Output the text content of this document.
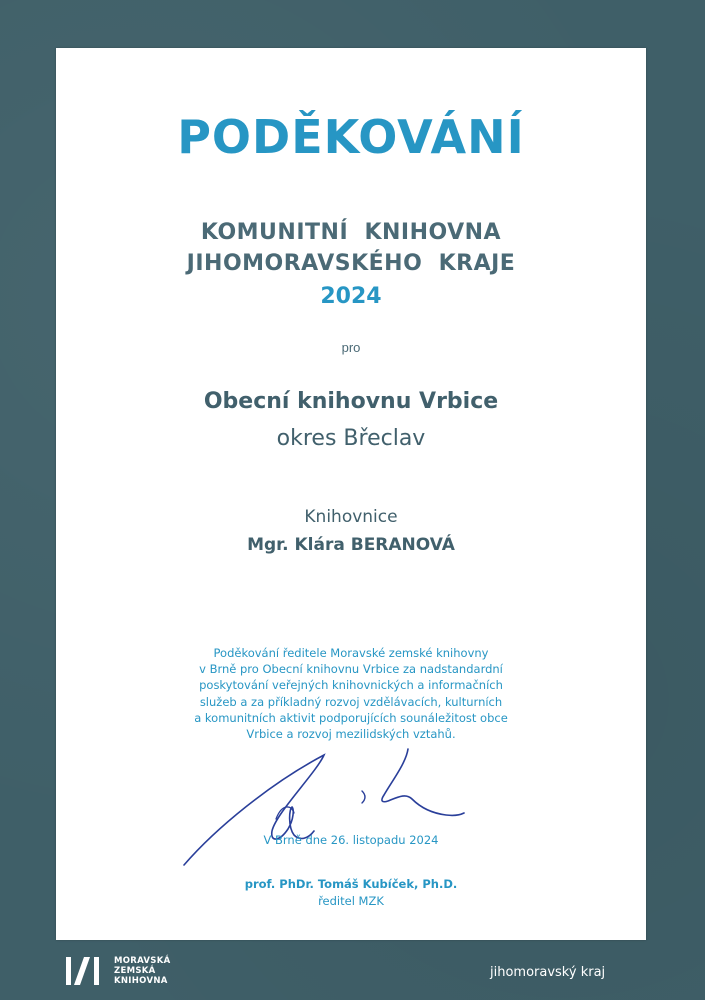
PODĚKOVÁNÍ
KOMUNITNÍ  KNIHOVNA
JIHOMORAVSKÉHO  KRAJE
2024
pro
Obecní knihovnu Vrbice
okres Břeclav
Knihovnice
Mgr. Klára BERANOVÁ
Poděkování ředitele Moravské zemské knihovny
v Brně pro Obecní knihovnu Vrbice za nadstandardní
poskytování veřejných knihovnických a informačních
služeb a za příkladný rozvoj vzdělávacích, kulturních
a komunitních aktivit podporujících sounáležitost obce
Vrbice a rozvoj mezilidských vztahů.
V Brně dne 26. listopadu 2024
prof. PhDr. Tomáš Kubíček, Ph.D.
ředitel MZK
MORAVSKÁ
ZEMSKÁ
KNIHOVNA
jihomoravský kraj
